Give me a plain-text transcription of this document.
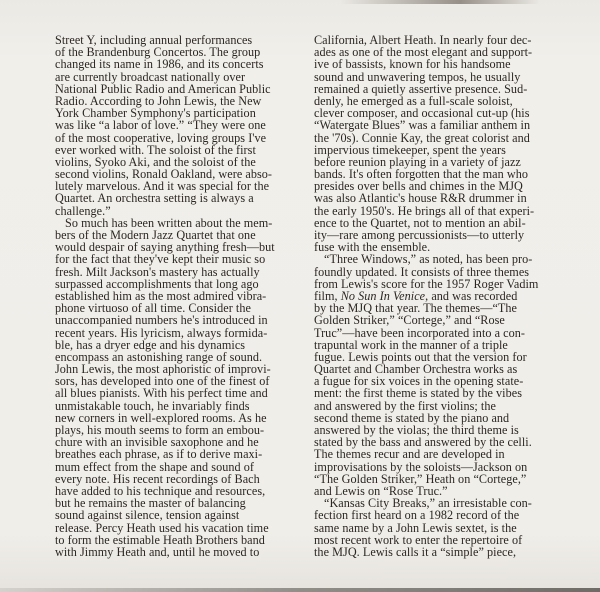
Street Y, including annual performances
of the Brandenburg Concertos. The group
changed its name in 1986, and its concerts
are currently broadcast nationally over
National Public Radio and American Public
Radio. According to John Lewis, the New
York Chamber Symphony's participation
was like “a labor of love.” “They were one
of the most cooperative, loving groups I've
ever worked with. The soloist of the first
violins, Syoko Aki, and the soloist of the
second violins, Ronald Oakland, were abso-
lutely marvelous. And it was special for the
Quartet. An orchestra setting is always a
challenge.”
So much has been written about the mem-
bers of the Modern Jazz Quartet that one
would despair of saying anything fresh—but
for the fact that they've kept their music so
fresh. Milt Jackson's mastery has actually
surpassed accomplishments that long ago
established him as the most admired vibra-
phone virtuoso of all time. Consider the
unaccompanied numbers he's introduced in
recent years. His lyricism, always formida-
ble, has a dryer edge and his dynamics
encompass an astonishing range of sound.
John Lewis, the most aphoristic of improvi-
sors, has developed into one of the finest of
all blues pianists. With his perfect time and
unmistakable touch, he invariably finds
new corners in well-explored rooms. As he
plays, his mouth seems to form an embou-
chure with an invisible saxophone and he
breathes each phrase, as if to derive maxi-
mum effect from the shape and sound of
every note. His recent recordings of Bach
have added to his technique and resources,
but he remains the master of balancing
sound against silence, tension against
release. Percy Heath used his vacation time
to form the estimable Heath Brothers band
with Jimmy Heath and, until he moved to
California, Albert Heath. In nearly four dec-
ades as one of the most elegant and support-
ive of bassists, known for his handsome
sound and unwavering tempos, he usually
remained a quietly assertive presence. Sud-
denly, he emerged as a full-scale soloist,
clever composer, and occasional cut-up (his
“Watergate Blues” was a familiar anthem in
the '70s). Connie Kay, the great colorist and
impervious timekeeper, spent the years
before reunion playing in a variety of jazz
bands. It's often forgotten that the man who
presides over bells and chimes in the MJQ
was also Atlantic's house R&R drummer in
the early 1950's. He brings all of that experi-
ence to the Quartet, not to mention an abil-
ity—rare among percussionists—to utterly
fuse with the ensemble.
“Three Windows,” as noted, has been pro-
foundly updated. It consists of three themes
from Lewis's score for the 1957 Roger Vadim
film, No Sun In Venice, and was recorded
by the MJQ that year. The themes—“The
Golden Striker,” “Cortege,” and “Rose
Truc”—have been incorporated into a con-
trapuntal work in the manner of a triple
fugue. Lewis points out that the version for
Quartet and Chamber Orchestra works as
a fugue for six voices in the opening state-
ment: the first theme is stated by the vibes
and answered by the first violins; the
second theme is stated by the piano and
answered by the violas; the third theme is
stated by the bass and answered by the celli.
The themes recur and are developed in
improvisations by the soloists—Jackson on
“The Golden Striker,” Heath on “Cortege,”
and Lewis on “Rose Truc.”
“Kansas City Breaks,” an irresistable con-
fection first heard on a 1982 record of the
same name by a John Lewis sextet, is the
most recent work to enter the repertoire of
the MJQ. Lewis calls it a “simple” piece,
